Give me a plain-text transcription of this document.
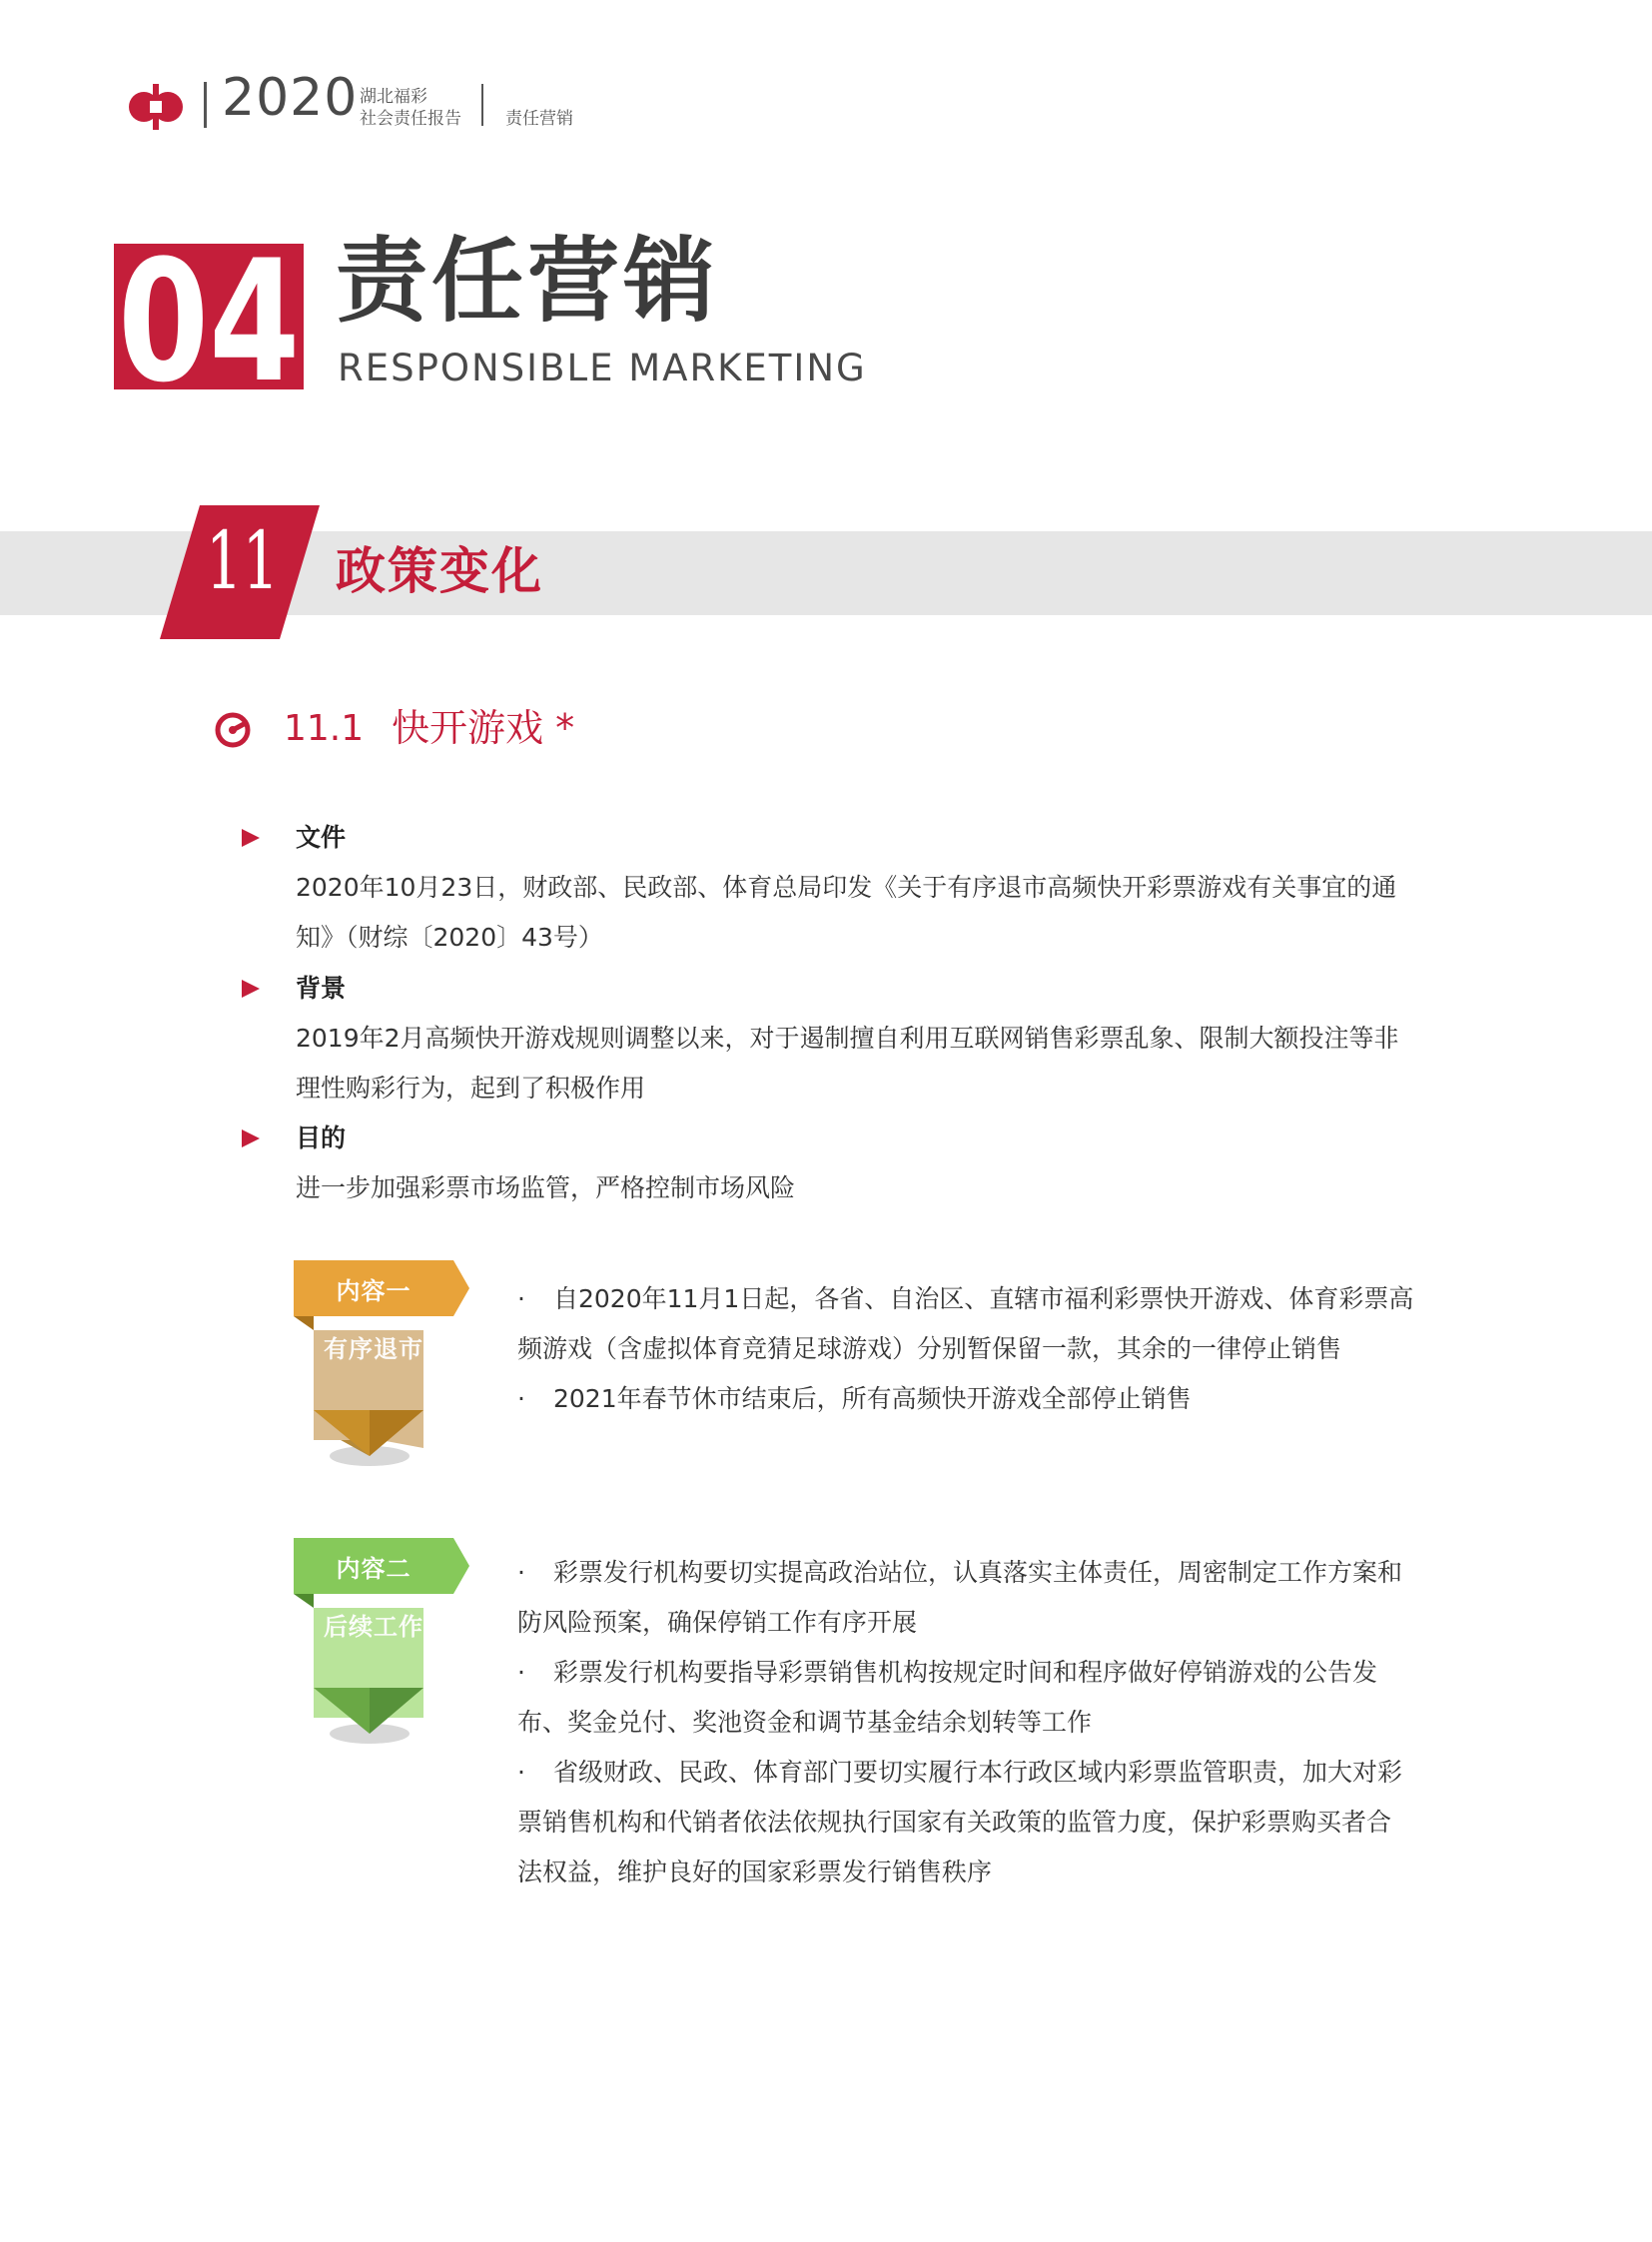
2020 湖北福彩
社会责任报告	责任营销
04 责任营销
RESPONSIBLE MARKETING
11 政策变化
11.1 快开游戏 *
文件
2020年10月23日，财政部、民政部、体育总局印发《关于有序退市高频快开彩票游戏有关事宜的通
知》（财综〔2020〕43号）
背景
2019年2月高频快开游戏规则调整以来，对于遏制擅自利用互联网销售彩票乱象、限制大额投注等非
理性购彩行为，起到了积极作用
目的
进一步加强彩票市场监管，严格控制市场风险
内容一
有序退市
·	自2020年11月1日起，各省、自治区、直辖市福利彩票快开游戏、体育彩票高
频游戏（含虚拟体育竞猜足球游戏）分别暂保留一款，其余的一律停止销售
·	2021年春节休市结束后，所有高频快开游戏全部停止销售
内容二
后续工作
·	彩票发行机构要切实提高政治站位，认真落实主体责任，周密制定工作方案和
防风险预案，确保停销工作有序开展
·	彩票发行机构要指导彩票销售机构按规定时间和程序做好停销游戏的公告发
布、奖金兑付、奖池资金和调节基金结余划转等工作
·	省级财政、民政、体育部门要切实履行本行政区域内彩票监管职责，加大对彩
票销售机构和代销者依法依规执行国家有关政策的监管力度，保护彩票购买者合
法权益，维护良好的国家彩票发行销售秩序
